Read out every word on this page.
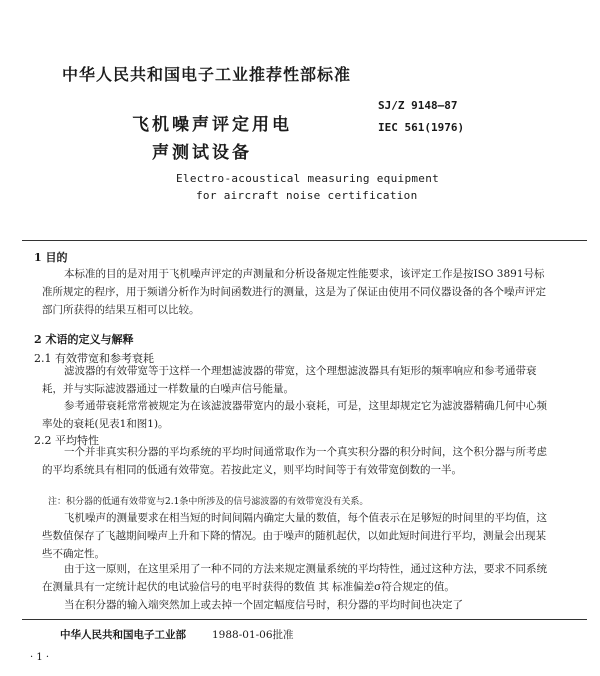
中华人民共和国电子工业推荐性部标准
飞机噪声评定用电
声测试设备
SJ/Z 9148—87
IEC 561(1976)
Electro-acoustical measuring equipment
for aircraft noise certification
1 目的
本标准的目的是对用于飞机噪声评定的声测量和分析设备规定性能要求，该评定工作是按ISO 3891号标准所规定的程序，用于频谱分析作为时间函数进行的测量，这是为了保证由使用不同仪器设备的各个噪声评定部门所获得的结果互相可以比较。
2 术语的定义与解释
2.1 有效带宽和参考衰耗
滤波器的有效带宽等于这样一个理想滤波器的带宽，这个理想滤波器具有矩形的频率响应和参考通带衰耗，并与实际滤波器通过一样数量的白噪声信号能量。
参考通带衰耗常常被规定为在该滤波器带宽内的最小衰耗，可是，这里却规定它为滤波器精确几何中心频率处的衰耗(见表1和图1)。
2.2 平均特性
一个并非真实积分器的平均系统的平均时间通常取作为一个真实积分器的积分时间，这个积分器与所考虑的平均系统具有相同的低通有效带宽。若按此定义，则平均时间等于有效带宽倒数的一半。
注：积分器的低通有效带宽与2.1条中所涉及的信号滤波器的有效带宽没有关系。
飞机噪声的测量要求在相当短的时间间隔内确定大量的数值，每个值表示在足够短的时间里的平均值，这些数值保存了飞越期间噪声上升和下降的情况。由于噪声的随机起伏，以如此短时间进行平均，测量会出现某些不确定性。
由于这一原则，在这里采用了一种不同的方法来规定测量系统的平均特性，通过这种方法，要求不同系统在测量具有一定统计起伏的电试验信号的电平时获得的数值 其 标准偏差σ符合规定的值。
当在积分器的输入端突然加上或去掉一个固定幅度信号时，积分器的平均时间也决定了
中华人民共和国电子工业部 1988-01-06批准
· 1 ·
